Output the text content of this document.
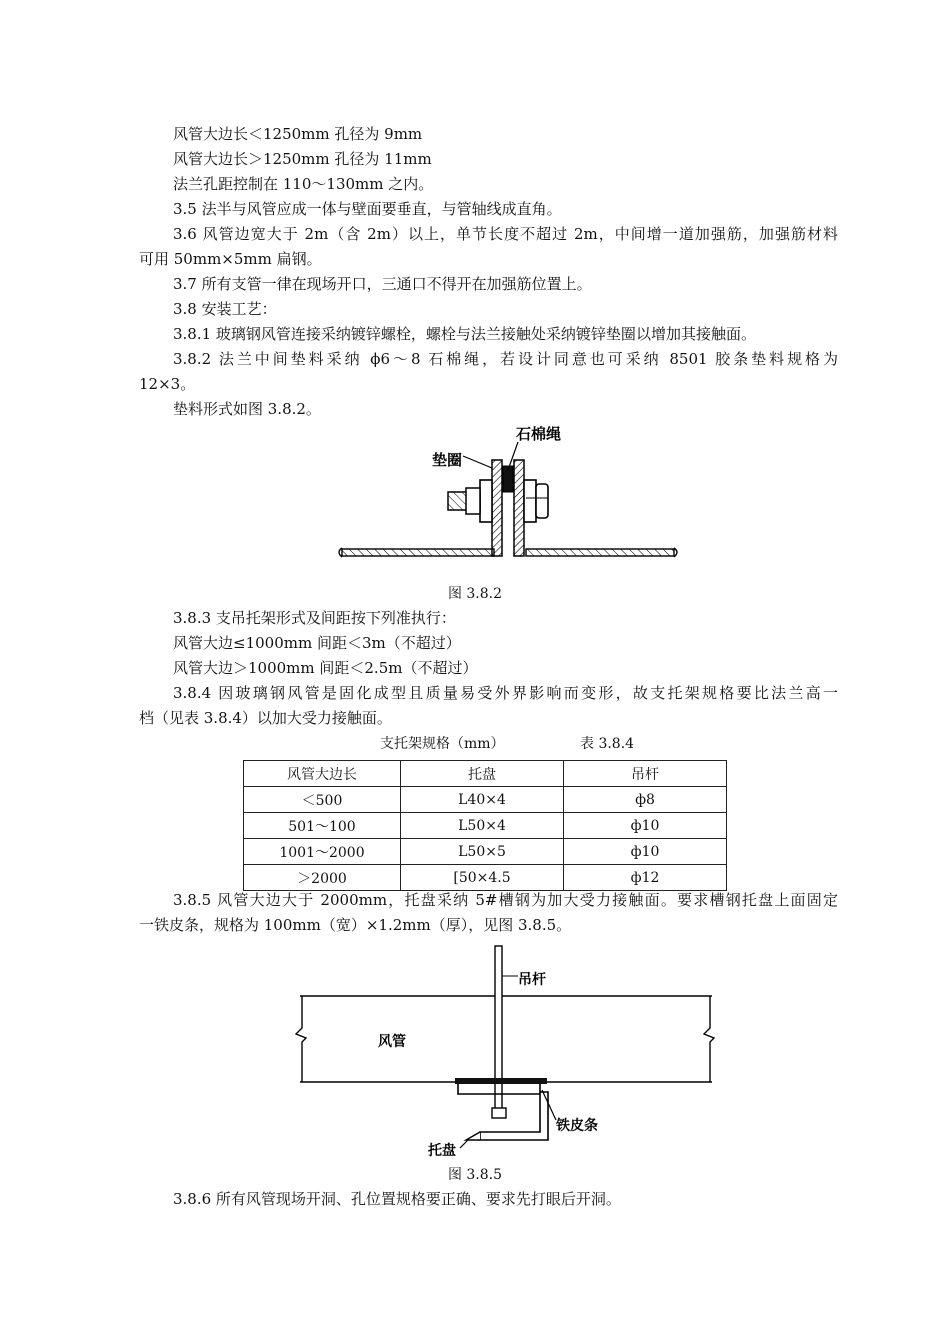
风管大边长＜1250mm 孔径为 9mm
风管大边长＞1250mm 孔径为 11mm
法兰孔距控制在 110～130mm 之内。
3.5 法半与风管应成一体与壁面要垂直，与管轴线成直角。
3.6 风管边宽大于 2m（含 2m）以上，单节长度不超过 2m，中间增一道加强筋，加强筋材料
可用 50mm×5mm 扁钢。
3.7 所有支管一律在现场开口，三通口不得开在加强筋位置上。
3.8 安装工艺：
3.8.1 玻璃钢风管连接采纳镀锌螺栓，螺栓与法兰接触处采纳镀锌垫圈以增加其接触面。
3.8.2 法兰中间垫料采纳 ϕ6～8 石棉绳，若设计同意也可采纳 8501 胶条垫料规格为
12×3。
垫料形式如图 3.8.2。
垫圈
石棉绳
图 3.8.2
3.8.3 支吊托架形式及间距按下列准执行：
风管大边≤1000mm 间距＜3m（不超过）
风管大边＞1000mm 间距＜2.5m（不超过）
3.8.4 因玻璃钢风管是固化成型且质量易受外界影响而变形，故支托架规格要比法兰高一
档（见表 3.8.4）以加大受力接触面。
支托架规格（mm）	表 3.8.4
风管大边长	托盘	吊杆
＜500	L40×4	ф8
501～100	L50×4	ф10
1001～2000	L50×5	ф10
＞2000	[50×4.5	ф12
3.8.5 风管大边大于 2000mm，托盘采纳 5#槽钢为加大受力接触面。要求槽钢托盘上面固定
一铁皮条，规格为 100mm（宽）×1.2mm（厚），见图 3.8.5。
吊杆
风管
托盘
铁皮条
图 3.8.5
3.8.6 所有风管现场开洞、孔位置规格要正确、要求先打眼后开洞。
